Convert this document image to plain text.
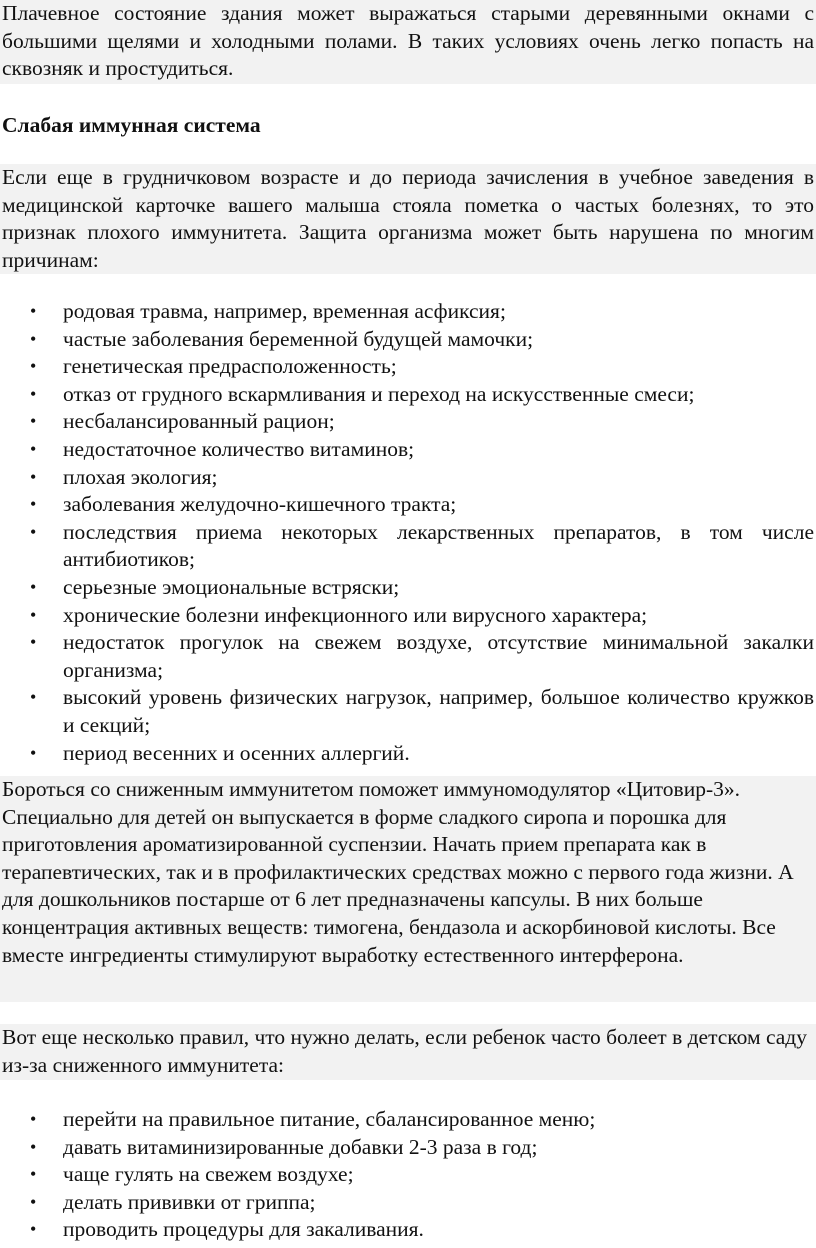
Плачевное состояние здания может выражаться старыми деревянными окнами с большими щелями и холодными полами. В таких условиях очень легко попасть на сквозняк и простудиться.

Слабая иммунная система

Если еще в грудничковом возрасте и до периода зачисления в учебное заведения в медицинской карточке вашего малыша стояла пометка о частых болезнях, то это признак плохого иммунитета. Защита организма может быть нарушена по многим причинам:

• родовая травма, например, временная асфиксия;
• частые заболевания беременной будущей мамочки;
• генетическая предрасположенность;
• отказ от грудного вскармливания и переход на искусственные смеси;
• несбалансированный рацион;
• недостаточное количество витаминов;
• плохая экология;
• заболевания желудочно-кишечного тракта;
• последствия приема некоторых лекарственных препаратов, в том числе антибиотиков;
• серьезные эмоциональные встряски;
• хронические болезни инфекционного или вирусного характера;
• недостаток прогулок на свежем воздухе, отсутствие минимальной закалки организма;
• высокий уровень физических нагрузок, например, большое количество кружков и секций;
• период весенних и осенних аллергий.

Бороться со сниженным иммунитетом поможет иммуномодулятор «Цитовир-3». Специально для детей он выпускается в форме сладкого сиропа и порошка для приготовления ароматизированной суспензии. Начать прием препарата как в терапевтических, так и в профилактических средствах можно с первого года жизни. А для дошкольников постарше от 6 лет предназначены капсулы. В них больше концентрация активных веществ: тимогена, бендазола и аскорбиновой кислоты. Все вместе ингредиенты стимулируют выработку естественного интерферона.

Вот еще несколько правил, что нужно делать, если ребенок часто болеет в детском саду из-за сниженного иммунитета:

• перейти на правильное питание, сбалансированное меню;
• давать витаминизированные добавки 2-3 раза в год;
• чаще гулять на свежем воздухе;
• делать прививки от гриппа;
• проводить процедуры для закаливания.
